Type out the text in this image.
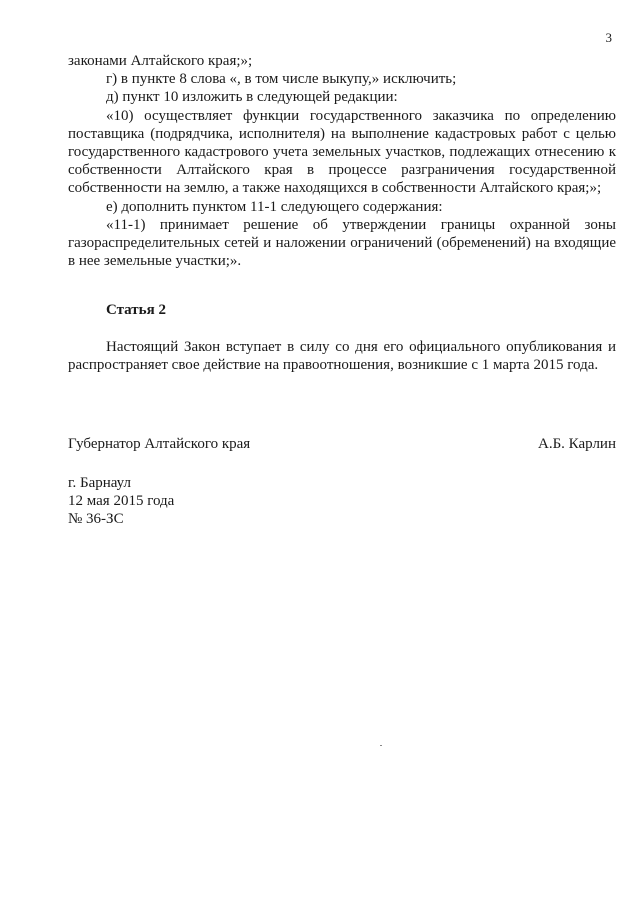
3

законами Алтайского края;»;

г) в пункте 8 слова «, в том числе выкупу,» исключить;

д) пункт 10 изложить в следующей редакции:

«10) осуществляет функции государственного заказчика по определению поставщика (подрядчика, исполнителя) на выполнение кадастровых работ с целью государственного кадастрового учета земельных участков, подлежащих отнесению к собственности Алтайского края в процессе разграничения государственной собственности на землю, а также находящихся в собственности Алтайского края;»;

е) дополнить пунктом 11-1 следующего содержания:

«11-1) принимает решение об утверждении границы охранной зоны газораспределительных сетей и наложении ограничений (обременений) на входящие в нее земельные участки;».

Статья 2

Настоящий Закон вступает в силу со дня его официального опубликования и распространяет свое действие на правоотношения, возникшие с 1 марта 2015 года.

Губернатор Алтайского края	А.Б. Карлин
г. Барнаул
12 мая 2015 года
№ 36-ЗС
